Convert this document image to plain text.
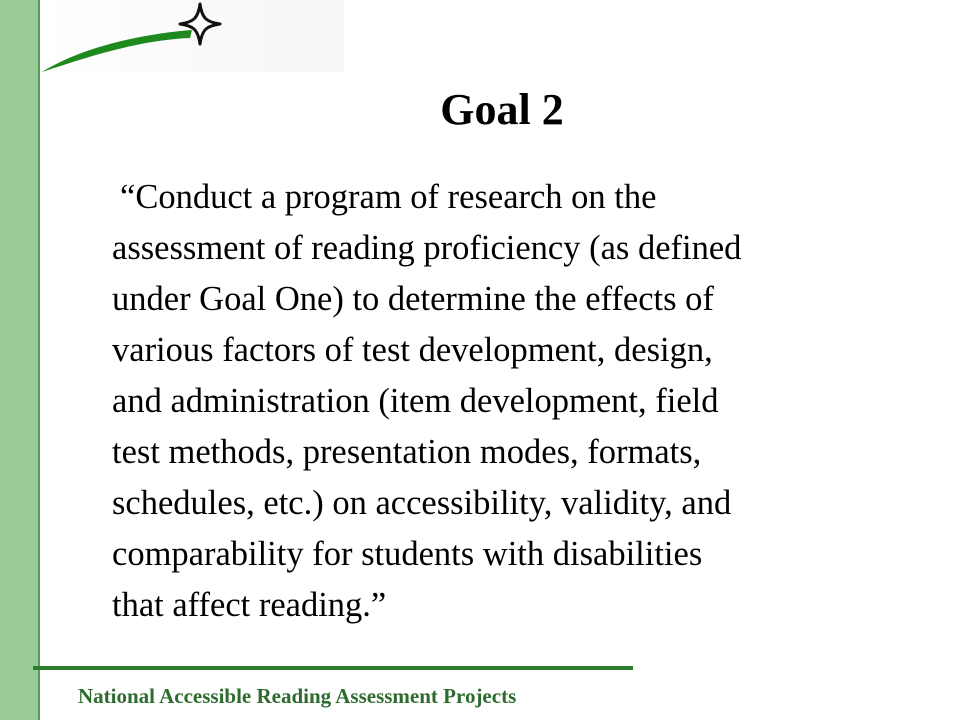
Goal 2

“Conduct a program of research on the
assessment of reading proficiency (as defined
under Goal One) to determine the effects of
various factors of test development, design,
and administration (item development, field
test methods, presentation modes, formats,
schedules, etc.) on accessibility, validity, and
comparability for students with disabilities
that affect reading.”

National Accessible Reading Assessment Projects
